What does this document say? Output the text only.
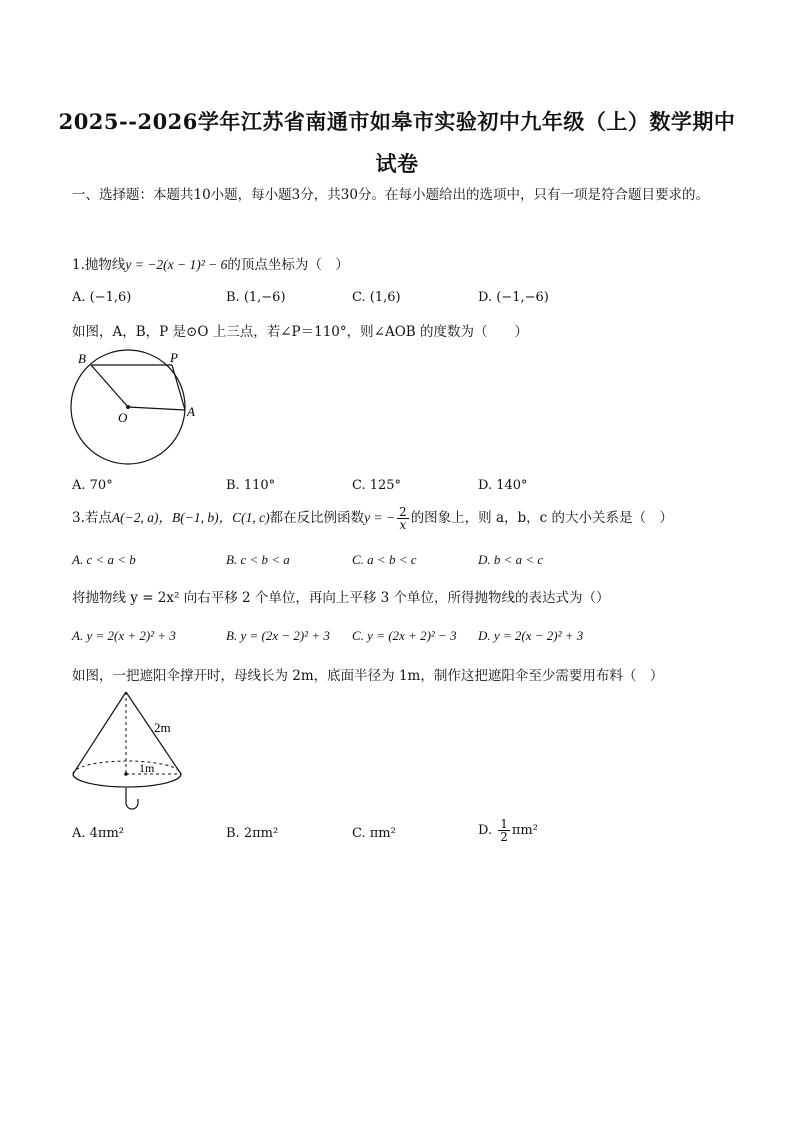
2025--2026学年江苏省南通市如皋市实验初中九年级（上）数学期中
试卷
一、选择题：本题共10小题，每小题3分，共30分。在每小题给出的选项中，只有一项是符合题目要求的。
1.抛物线y = −2(x − 1)² − 6的顶点坐标为（　）
A. (−1,6)	B. (1,−6)	C. (1,6)	D. (−1,−6)
如图，A，B，P 是⊙O 上三点，若∠P＝110°，则∠AOB 的度数为（　　）
B	P
O	A
A. 70°	B. 110°	C. 125°	D. 140°
3.若点A(−2, a)，B(−1, b)，C(1, c)都在反比例函数y = − $\frac{2}{x}$ 的图象上，则 a，b，c 的大小关系是（　）
A. c < a < b	B. c < b < a	C. a < b < c	D. b < a < c
将抛物线 y = 2x² 向右平移 2 个单位，再向上平移 3 个单位，所得抛物线的表达式为（）
A. y = 2(x + 2)² + 3	B. y = (2x − 2)² + 3 C. y = (2x + 2)² − 3 D. y = 2(x − 2)² + 3
如图，一把遮阳伞撑开时，母线长为 2m，底面半径为 1m，制作这把遮阳伞至少需要用布料（　）
2m
1m
A. 4πm²	B. 2πm²	C. πm²	D. $\frac{1}{2} \pi m^2$
